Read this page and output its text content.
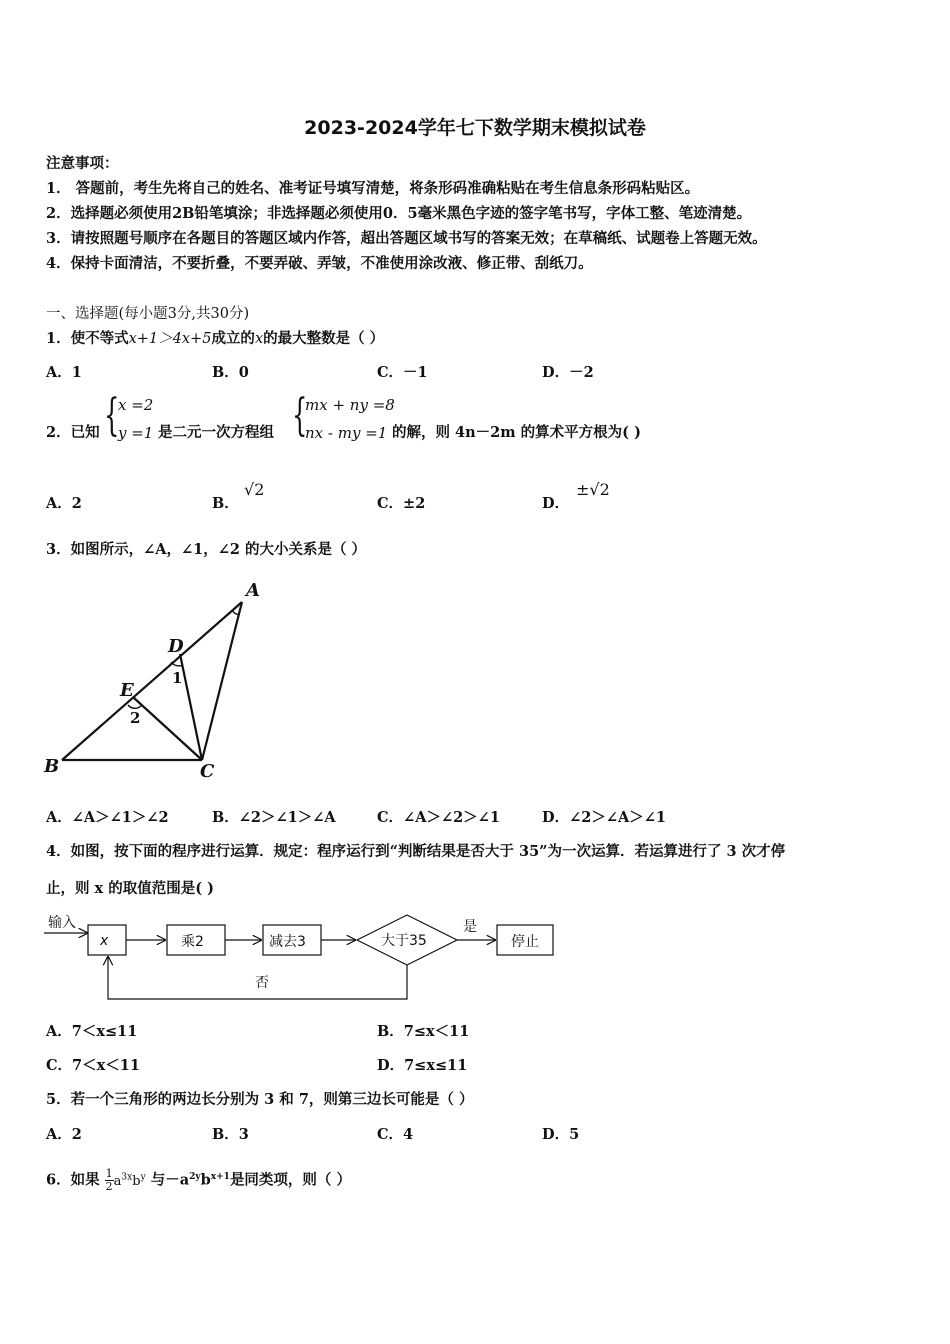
2023-2024学年七下数学期末模拟试卷
注意事项：
1． 答题前，考生先将自己的姓名、准考证号填写清楚，将条形码准确粘贴在考生信息条形码粘贴区。
2．选择题必须使用2B铅笔填涂；非选择题必须使用0．5毫米黑色字迹的签字笔书写，字体工整、笔迹清楚。
3．请按照题号顺序在各题目的答题区域内作答，超出答题区域书写的答案无效；在草稿纸、试题卷上答题无效。
4．保持卡面清洁，不要折叠，不要弄破、弄皱，不准使用涂改液、修正带、刮纸刀。
一、选择题(每小题3分,共30分)
1．使不等式x+1＞4x+5成立的x的最大整数是（ ）
A．1	B．0	C．－1	D．－2
2．已知 {
x =2
y =1 是二元一次方程组 {
mx + ny =8
nx - my =1 的解，则 4n－2m 的算术平方根为( )
A．2	B．
√2
C．±2	D．
±√2
3．如图所示，∠A，∠1，∠2 的大小关系是（ ）
A
D
E
B	C
1
2
A．∠A＞∠1＞∠2	B．∠2＞∠1＞∠A	C．∠A＞∠2＞∠1	D．∠2＞∠A＞∠1
4．如图，按下面的程序进行运算．规定：程序运行到“判断结果是否大于 35”为一次运算．若运算进行了 3 次才停
止，则 x 的取值范围是( )
输入
x	乘2	减去3	大于35
是
停止
否
A．7＜x≤11	B．7≤x＜11
C．7＜x＜11	D．7≤x≤11
5．若一个三角形的两边长分别为 3 和 7，则第三边长可能是（ ）
A．2	B．3	C．4	D．5
6．如果 $\frac{1}{2} a^{3x}b^y$ 与$-a^{2y}b^{x+1}$是同类项，则（ ）
